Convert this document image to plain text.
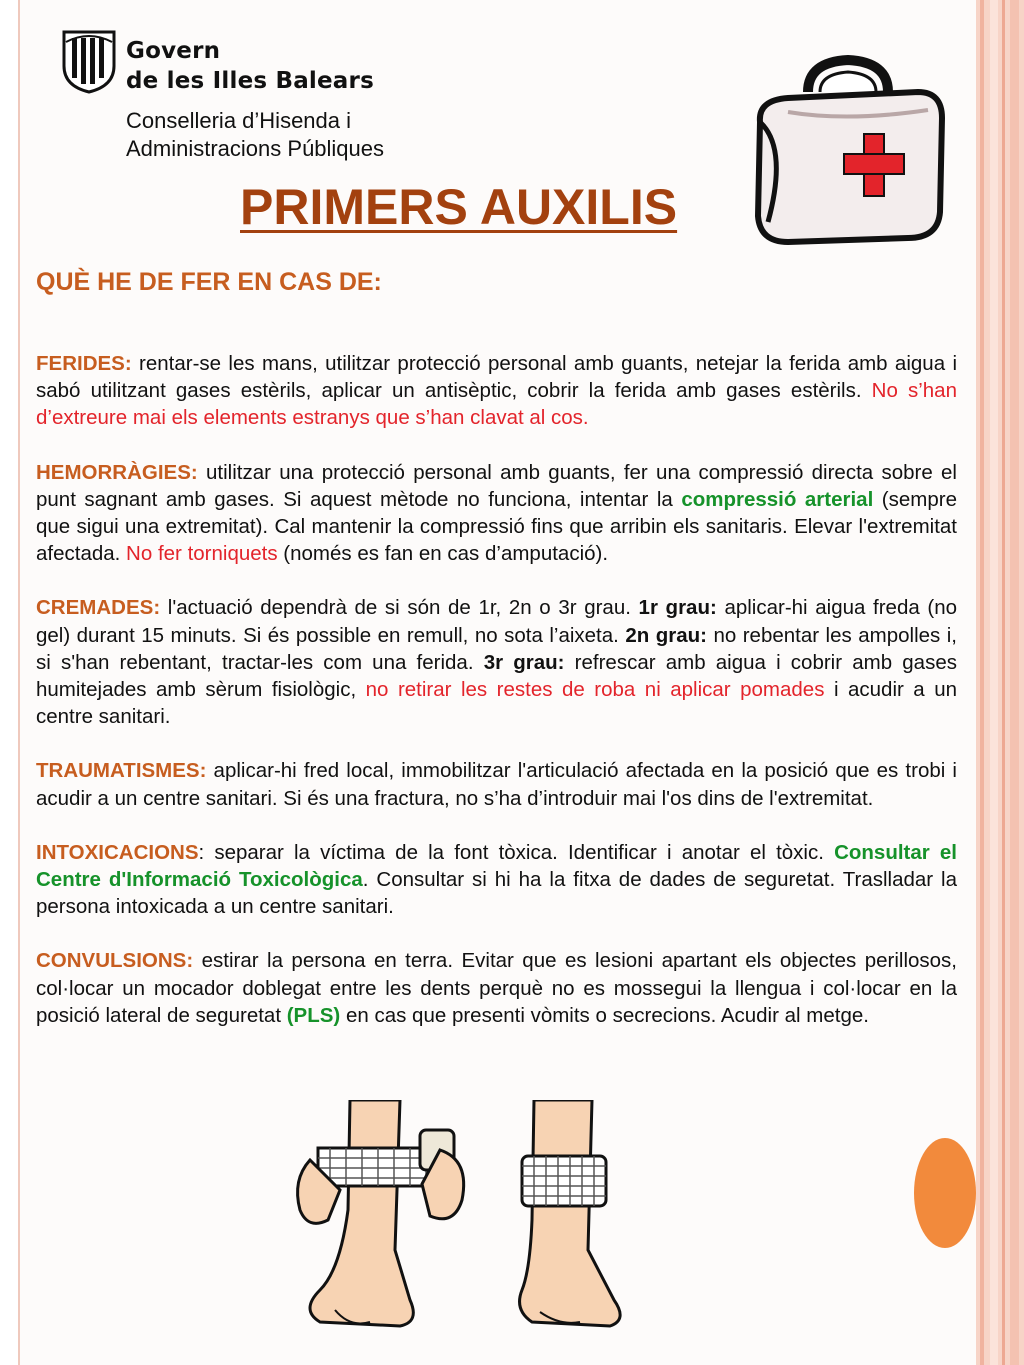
Govern
de les Illes Balears
Conselleria d’Hisenda i
Administracions Públiques
PRIMERS AUXILIS
QUÈ HE DE FER EN CAS DE:

FERIDES: rentar-se les mans, utilitzar protecció personal amb guants, netejar la ferida amb aigua i sabó utilitzant gases estèrils, aplicar un antisèptic, cobrir la ferida amb gases estèrils. No s’han d’extreure mai els elements estranys que s’han clavat al cos.

HEMORRÀGIES: utilitzar una protecció personal amb guants, fer una compressió directa sobre el punt sagnant amb gases. Si aquest mètode no funciona, intentar la compressió arterial (sempre que sigui una extremitat). Cal mantenir la compressió fins que arribin els sanitaris. Elevar l'extremitat afectada. No fer torniquets (només es fan en cas d’amputació).

CREMADES: l'actuació dependrà de si són de 1r, 2n o 3r grau. 1r grau: aplicar-hi aigua freda (no gel) durant 15 minuts. Si és possible en remull, no sota l’aixeta. 2n grau: no rebentar les ampolles i, si s'han rebentant, tractar-les com una ferida. 3r grau: refrescar amb aigua i cobrir amb gases humitejades amb sèrum fisiològic, no retirar les restes de roba ni aplicar pomades i acudir a un centre sanitari.

TRAUMATISMES: aplicar-hi fred local, immobilitzar l'articulació afectada en la posició que es trobi i acudir a un centre sanitari. Si és una fractura, no s’ha d’introduir mai l'os dins de l'extremitat.

INTOXICACIONS: separar la víctima de la font tòxica. Identificar i anotar el tòxic. Consultar el Centre d'Informació Toxicològica. Consultar si hi ha la fitxa de dades de seguretat. Traslladar la persona intoxicada a un centre sanitari.

CONVULSIONS: estirar la persona en terra. Evitar que es lesioni apartant els objectes perillosos, col·locar un mocador doblegat entre les dents perquè no es mossegui la llengua i col·locar en la posició lateral de seguretat (PLS) en cas que presenti vòmits o secrecions. Acudir al metge.
